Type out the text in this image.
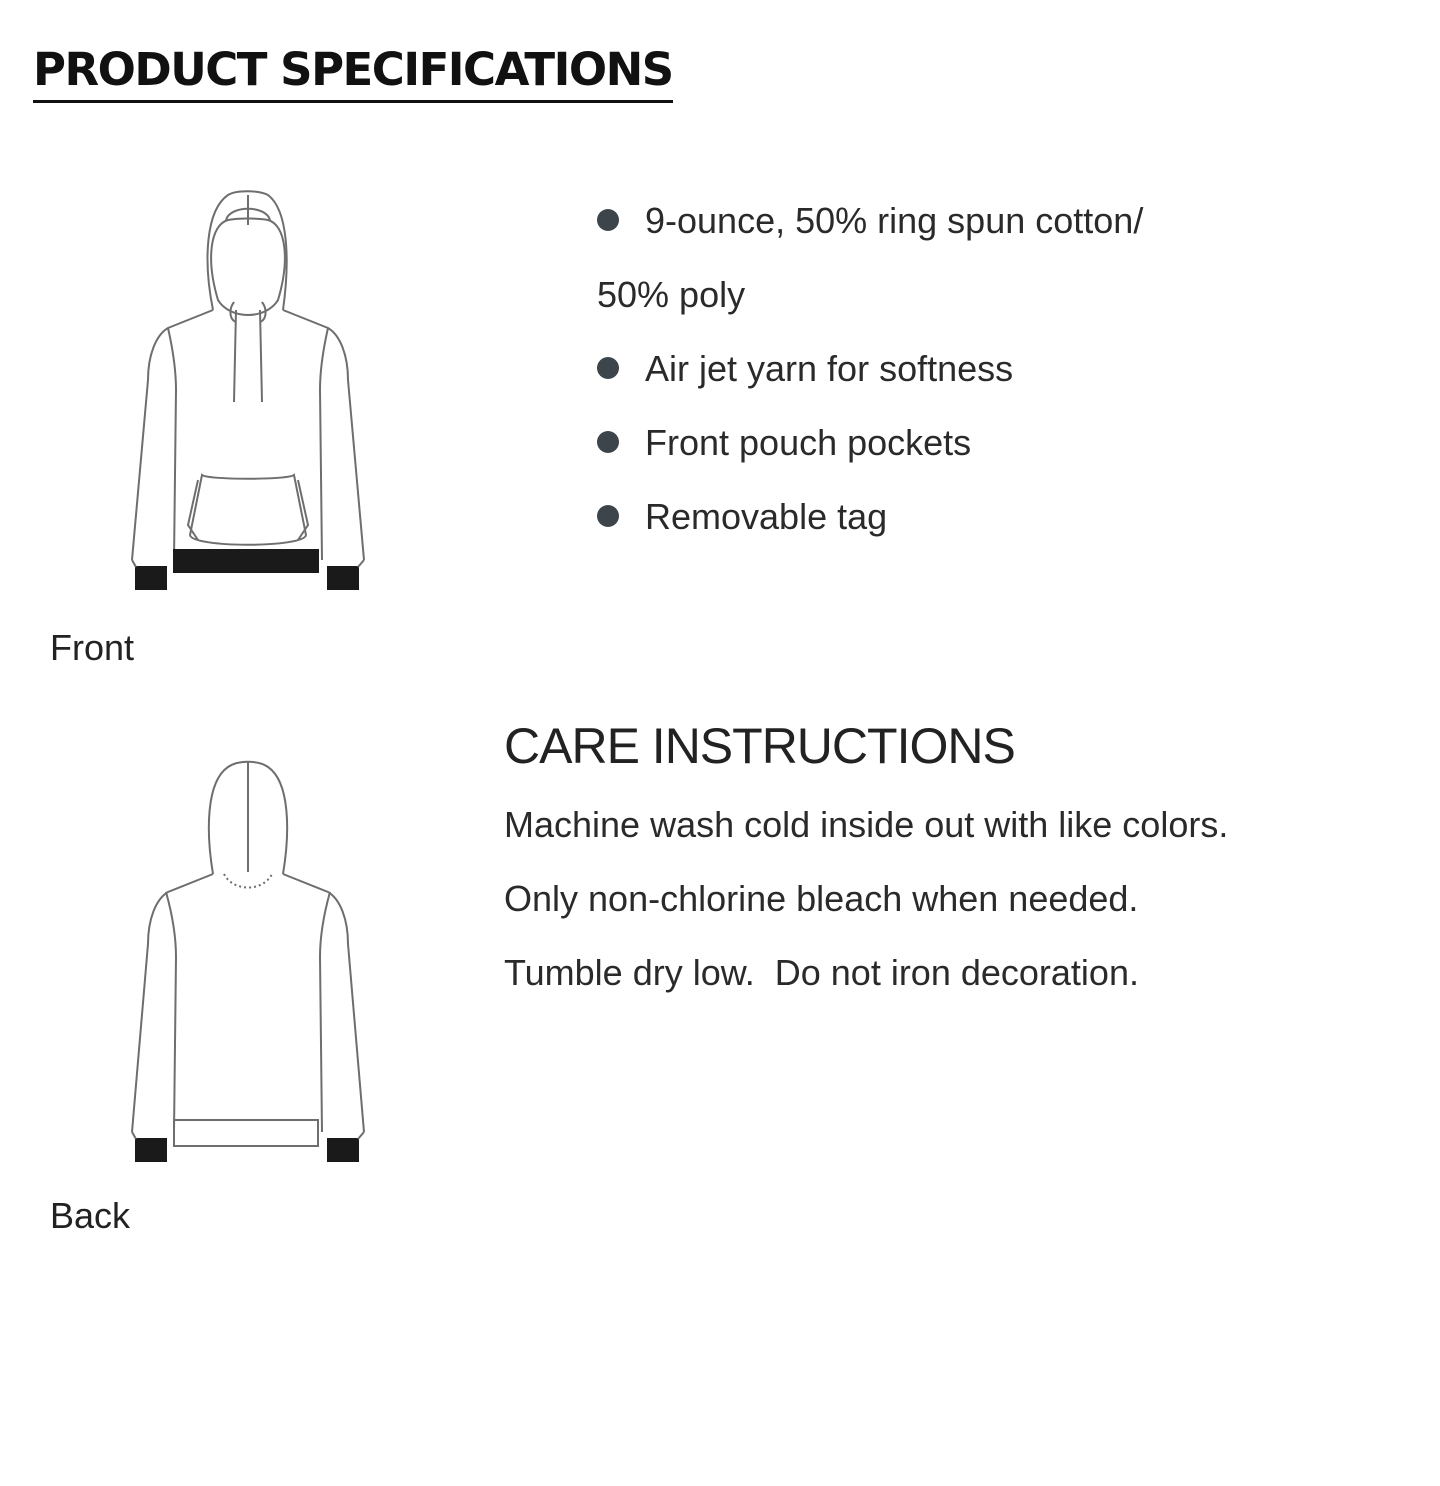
PRODUCT SPECIFICATIONS
Front
Back
9-ounce, 50% ring spun cotton/
50% poly
Air jet yarn for softness
Front pouch pockets
Removable tag
CARE INSTRUCTIONS
Machine wash cold inside out with like colors.
Only non-chlorine bleach when needed.
Tumble dry low.  Do not iron decoration.
